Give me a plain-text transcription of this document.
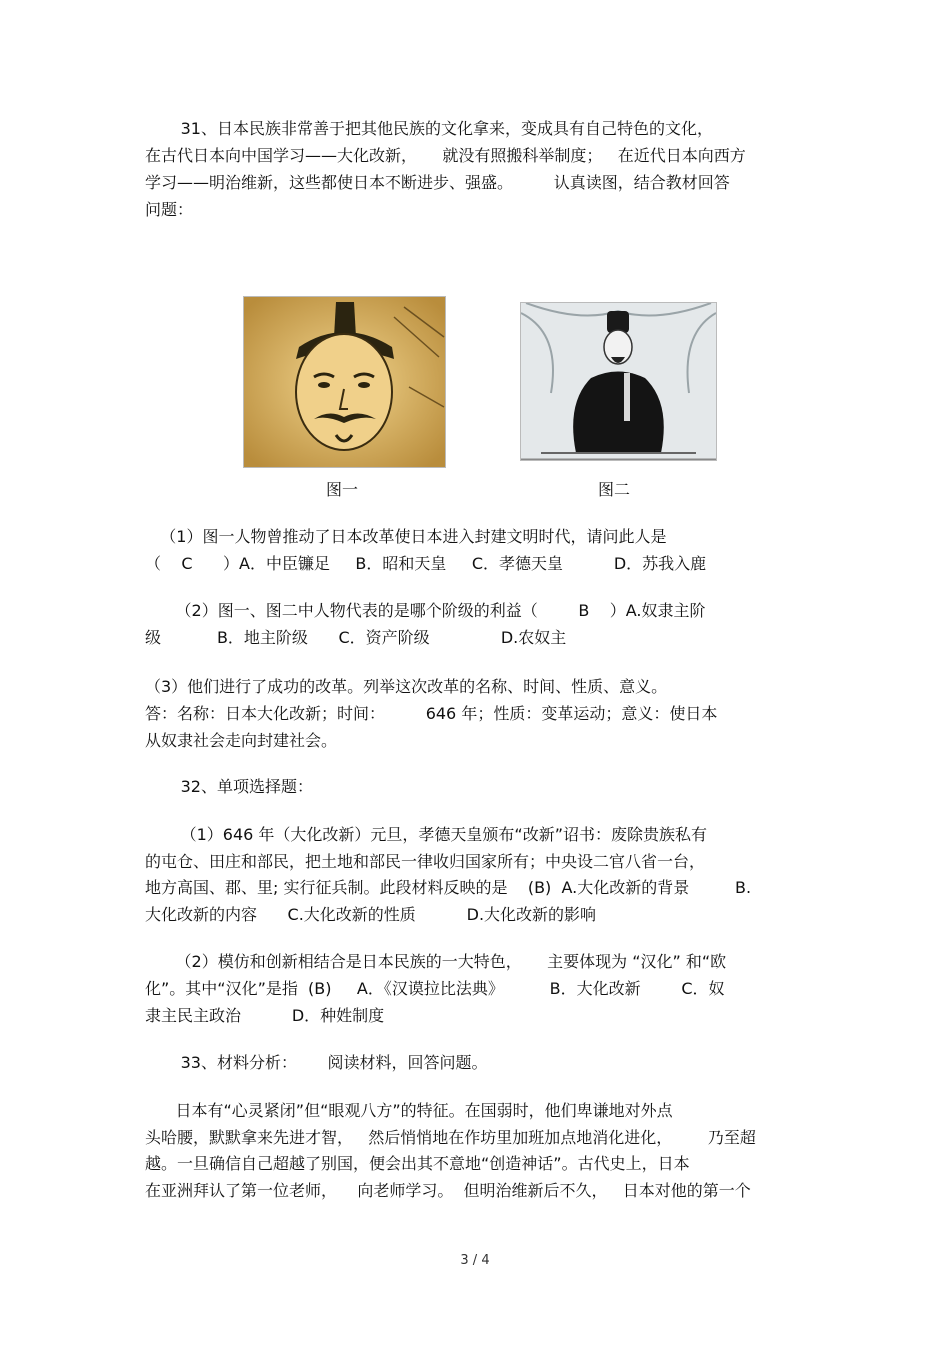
31、日本民族非常善于把其他民族的文化拿来，变成具有自己特色的文化，
在古代日本向中国学习——大化改新，     就没有照搬科举制度；   在近代日本向西方
学习——明治维新，这些都使日本不断进步、强盛。        认真读图，结合教材回答
问题：
图一	图二
（1）图一人物曾推动了日本改革使日本进入封建文明时代，请问此人是
（    C      ）A．中臣镰足     B．昭和天皇     C．孝德天皇          D．苏我入鹿
（2）图一、图二中人物代表的是哪个阶级的利益（        B    ）A.奴隶主阶
级           B．地主阶级      C．资产阶级              D.农奴主
（3）他们进行了成功的改革。列举这次改革的名称、时间、性质、意义。
答：名称：日本大化改新；时间：        646 年；性质：变革运动；意义：使日本
从奴隶社会走向封建社会。
32、单项选择题：
（1）646 年（大化改新）元旦，孝德天皇颁布“改新”诏书：废除贵族私有
的屯仓、田庄和部民，把土地和部民一律收归国家所有；中央设二官八省一台，
地方高国、郡、里; 实行征兵制。此段材料反映的是    (B)  A.大化改新的背景         B.
大化改新的内容      C.大化改新的性质          D.大化改新的影响
（2）模仿和创新相结合是日本民族的一大特色，     主要体现为 “汉化” 和“欧
化”。其中“汉化”是指  (B)     A．《汉谟拉比法典》         B．大化改新        C．奴
隶主民主政治          D．种姓制度
33、材料分析：      阅读材料，回答问题。
日本有“心灵紧闭”但“眼观八方”的特征。在国弱时，他们卑谦地对外点
头哈腰，默默拿来先进才智，   然后悄悄地在作坊里加班加点地消化进化，       乃至超
越。一旦确信自己超越了别国，便会出其不意地“创造神话”。古代史上，日本
在亚洲拜认了第一位老师，    向老师学习。  但明治维新后不久，   日本对他的第一个
3 / 4
